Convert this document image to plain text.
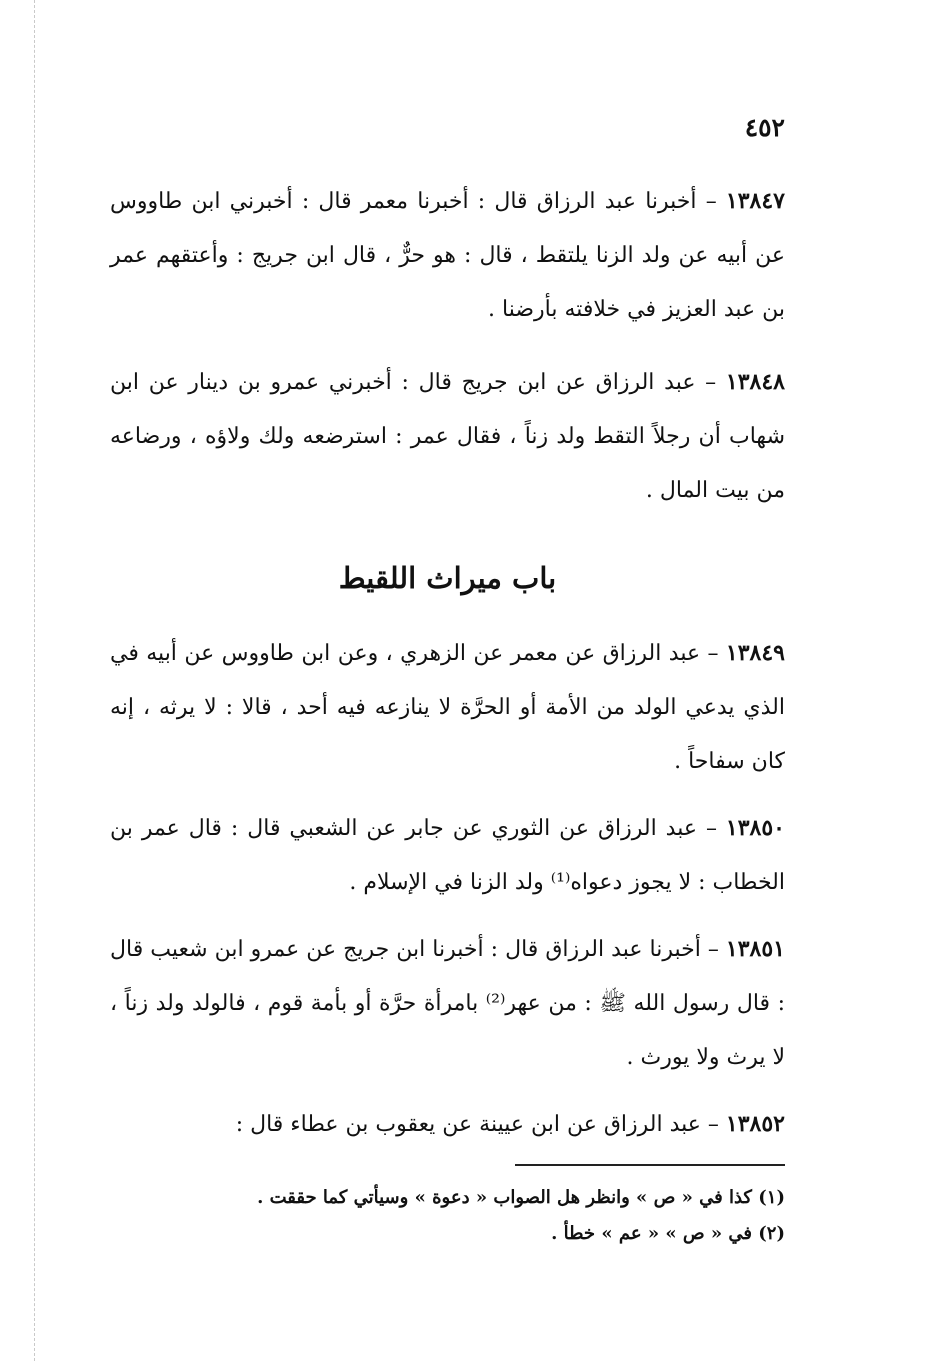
٤٥٢

١٣٨٤٧ – أخبرنا عبد الرزاق قال : أخبرنا معمر قال : أخبرني ابن طاووس عن أبيه عن ولد الزنا يلتقط ، قال : هو حرٌّ ، قال ابن جريج : وأعتقهم عمر بن عبد العزيز في خلافته بأرضنا .

١٣٨٤٨ – عبد الرزاق عن ابن جريج قال : أخبرني عمرو بن دينار عن ابن شهاب أن رجلاً التقط ولد زناً ، فقال عمر : استرضعه ولك ولاؤه ، ورضاعه من بيت المال .

باب ميراث اللقيط

١٣٨٤٩ – عبد الرزاق عن معمر عن الزهري ، وعن ابن طاووس عن أبيه في الذي يدعي الولد من الأمة أو الحرَّة لا ينازعه فيه أحد ، قالا : لا يرثه ، إنه كان سفاحاً .

١٣٨٥٠ – عبد الرزاق عن الثوري عن جابر عن الشعبي قال : قال عمر بن الخطاب : لا يجوز دعواه⁽¹⁾ ولد الزنا في الإسلام .

١٣٨٥١ – أخبرنا عبد الرزاق قال : أخبرنا ابن جريج عن عمرو ابن شعيب قال : قال رسول الله ﷺ : من عهر⁽²⁾ بامرأة حرَّة أو بأمة قوم ، فالولد ولد زناً ، لا يرث ولا يورث .

١٣٨٥٢ – عبد الرزاق عن ابن عيينة عن يعقوب بن عطاء قال :

(١) كذا في « ص » وانظر هل الصواب « دعوة » وسيأتي كما حققت .

(٢) في « ص » « عم » خطأ .
